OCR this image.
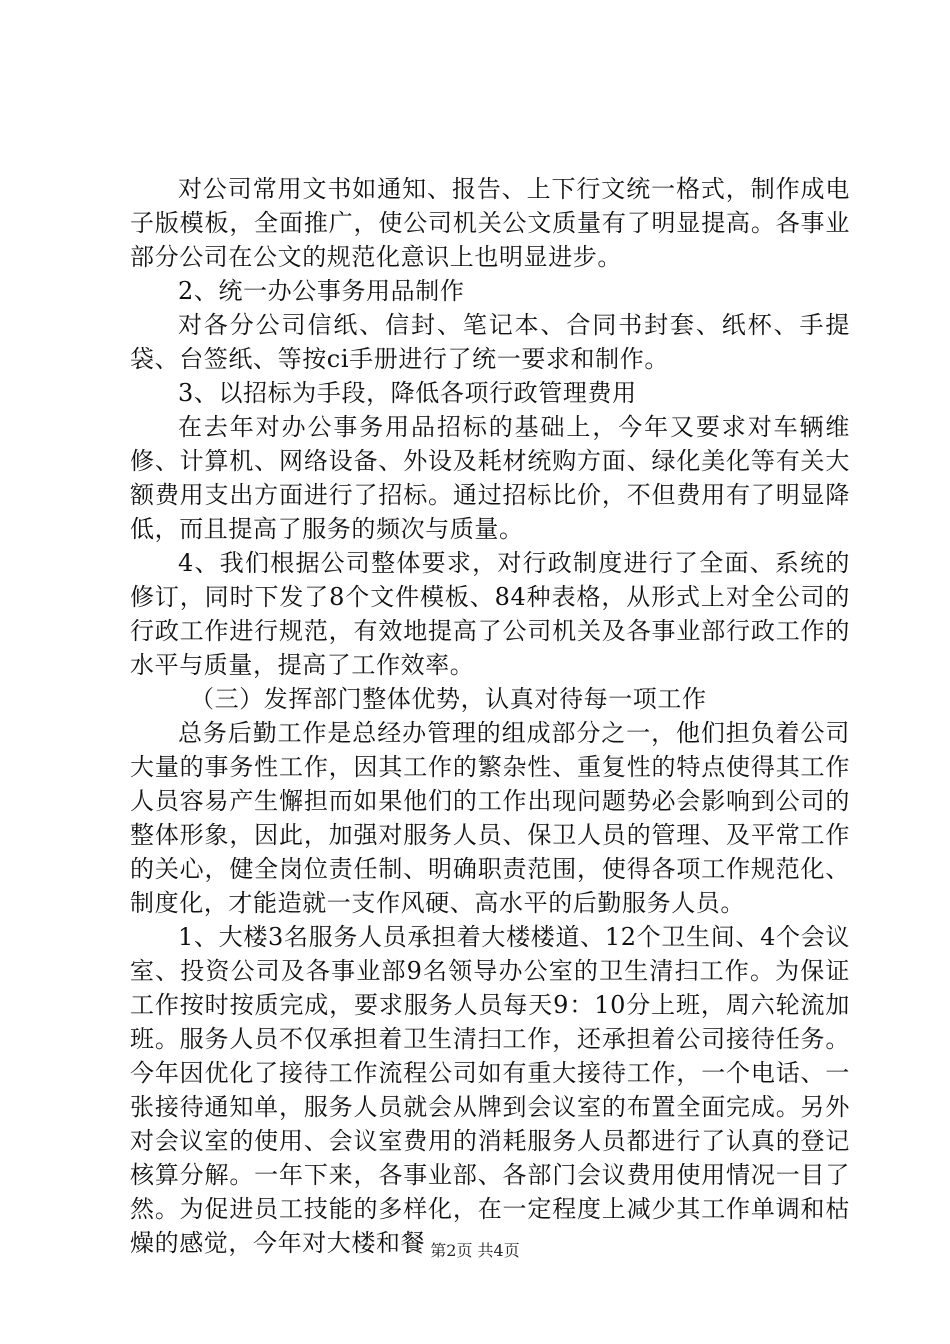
对公司常用文书如通知、报告、上下行文统一格式，制作成电子版模板，全面推广，使公司机关公文质量有了明显提高。各事业部分公司在公文的规范化意识上也明显进步。

2、统一办公事务用品制作

对各分公司信纸、信封、笔记本、合同书封套、纸杯、手提袋、台签纸、等按ci手册进行了统一要求和制作。

3、以招标为手段，降低各项行政管理费用

在去年对办公事务用品招标的基础上，今年又要求对车辆维修、计算机、网络设备、外设及耗材统购方面、绿化美化等有关大额费用支出方面进行了招标。通过招标比价，不但费用有了明显降低，而且提高了服务的频次与质量。

4、我们根据公司整体要求，对行政制度进行了全面、系统的修订，同时下发了8个文件模板、84种表格，从形式上对全公司的行政工作进行规范，有效地提高了公司机关及各事业部行政工作的水平与质量，提高了工作效率。

（三）发挥部门整体优势，认真对待每一项工作

总务后勤工作是总经办管理的组成部分之一，他们担负着公司大量的事务性工作，因其工作的繁杂性、重复性的特点使得其工作人员容易产生懈担而如果他们的工作出现问题势必会影响到公司的整体形象，因此，加强对服务人员、保卫人员的管理、及平常工作的关心，健全岗位责任制、明确职责范围，使得各项工作规范化、制度化，才能造就一支作风硬、高水平的后勤服务人员。

1、大楼3名服务人员承担着大楼楼道、12个卫生间、4个会议室、投资公司及各事业部9名领导办公室的卫生清扫工作。为保证工作按时按质完成，要求服务人员每天9：10分上班，周六轮流加班。服务人员不仅承担着卫生清扫工作，还承担着公司接待任务。今年因优化了接待工作流程公司如有重大接待工作，一个电话、一张接待通知单，服务人员就会从牌到会议室的布置全面完成。另外对会议室的使用、会议室费用的消耗服务人员都进行了认真的登记核算分解。一年下来，各事业部、各部门会议费用使用情况一目了然。为促进员工技能的多样化，在一定程度上减少其工作单调和枯燥的感觉，今年对大楼和餐 第2页 共4页
